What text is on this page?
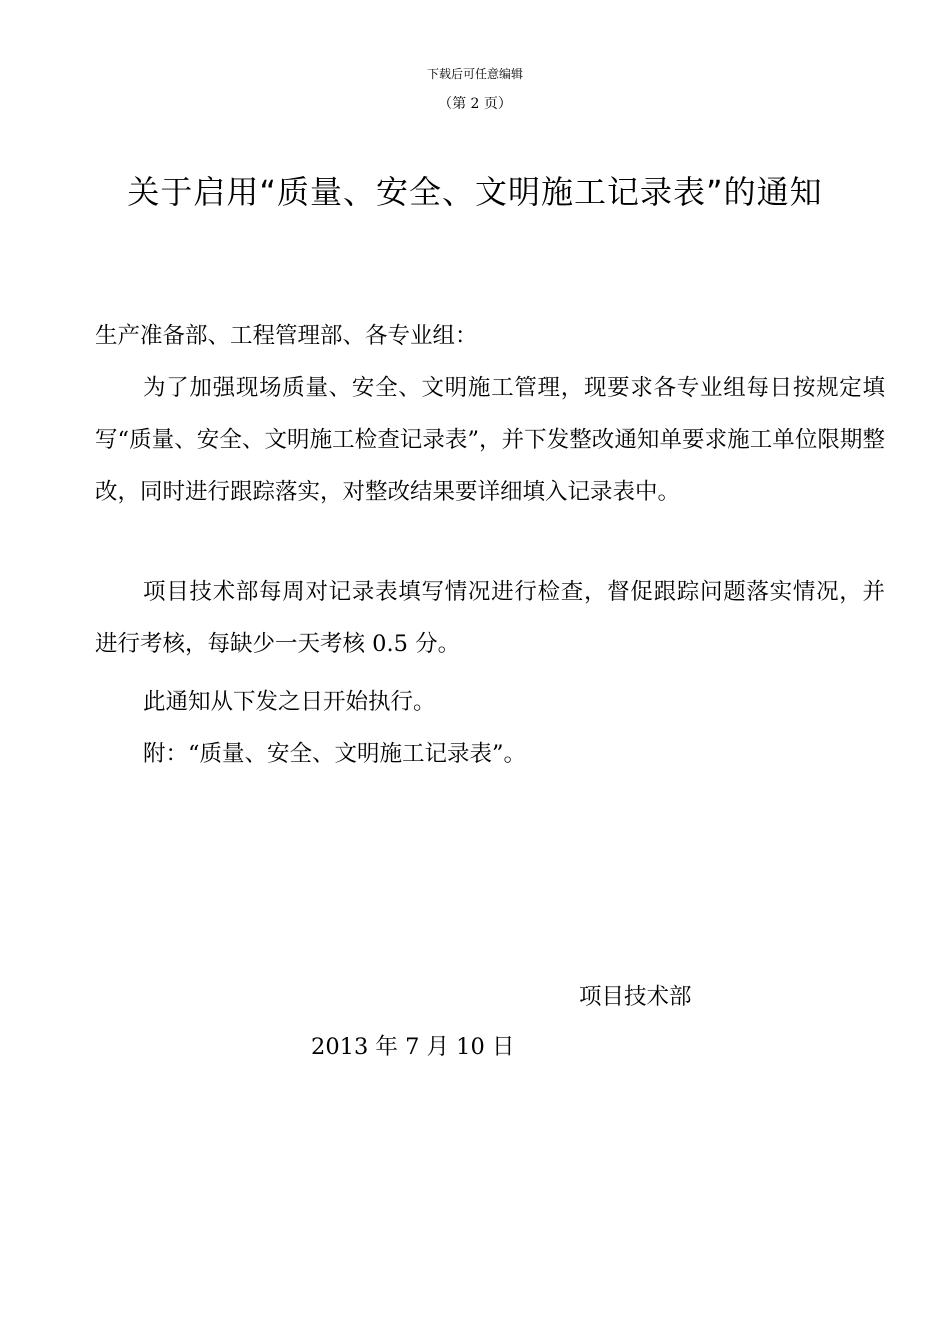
下载后可任意编辑
（第 2 页）
关于启用“质量、安全、文明施工记录表”的通知
生产准备部、工程管理部、各专业组：
为了加强现场质量、安全、文明施工管理，现要求各专业组每日按规定填写“质量、安全、文明施工检查记录表”，并下发整改通知单要求施工单位限期整改，同时进行跟踪落实，对整改结果要详细填入记录表中。
项目技术部每周对记录表填写情况进行检查，督促跟踪问题落实情况，并进行考核，每缺少一天考核 0.5 分。
此通知从下发之日开始执行。
附：“质量、安全、文明施工记录表”。
项目技术部
2013 年 7 月 10 日
